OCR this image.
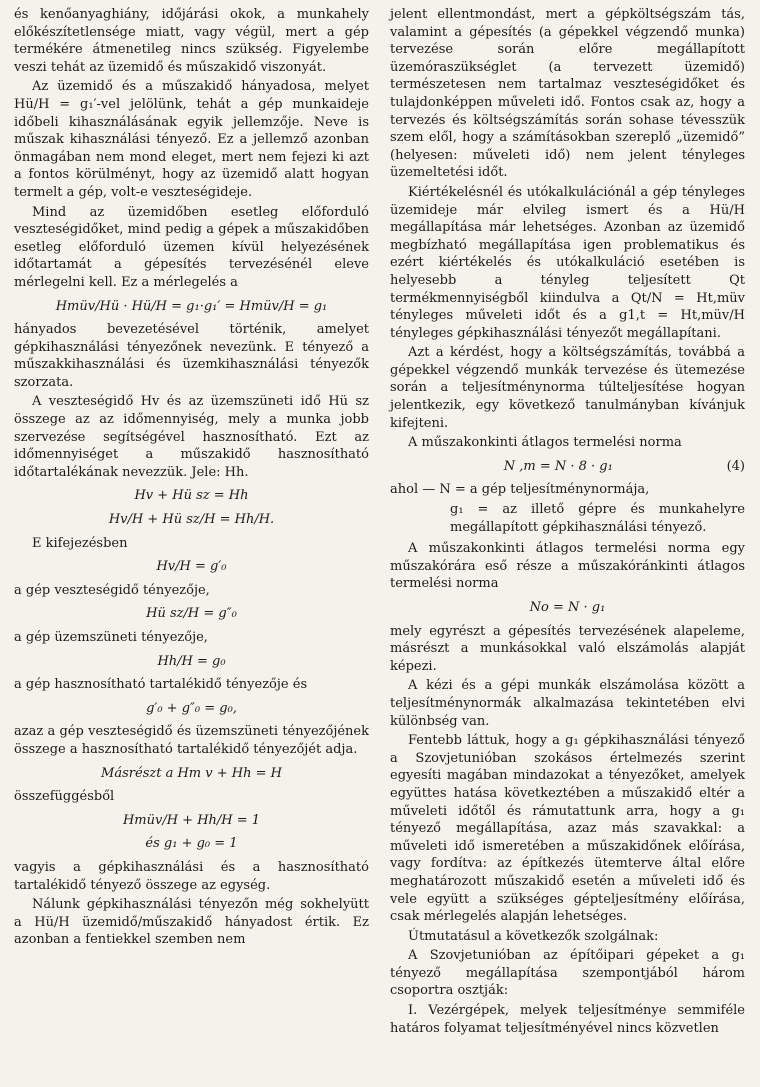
és kenőanyaghiány, időjárási okok, a munkahely előkészítetlensége miatt, vagy végül, mert a gép termékére átmenetileg nincs szükség. Figyelembe veszi tehát az üzemidő és műszakidő viszonyát.

Az üzemidő és a műszakidő hányadosa, melyet Hü/H = g₁′-vel jelölünk, tehát a gép munkaideje időbeli kihasználásának egyik jellemzője. Neve is műszak kihasználási tényező. Ez a jellemző azonban önmagában nem mond eleget, mert nem fejezi ki azt a fontos körülményt, hogy az üzemidő alatt hogyan termelt a gép, volt-e veszteségideje.

Mind az üzemidőben esetleg előforduló veszteségidőket, mind pedig a gépek a műszakidőben esetleg előforduló üzemen kívül helyezésének időtartamát a gépesítés tervezésénél eleve mérlegelni kell. Ez a mérlegelés a

Hmüv/Hü · Hü/H = g₁·g₁′ = Hmüv/H = g₁

hányados bevezetésével történik, amelyet gépkihasználási tényezőnek nevezünk. E tényező a műszakkihasználási és üzemkihasználási tényezők szorzata.

A veszteségidő Hv és az üzemszüneti idő Hü sz összege az az időmennyiség, mely a munka jobb szervezése segítségével hasznosítható. Ezt az időmennyiséget a műszakidő hasznosítható időtartalékának nevezzük. Jele: Hh.

Hv + Hü sz = Hh
Hv/H + Hü sz/H = Hh/H.

E kifejezésben

Hv/H = g′₀

a gép veszteségidő tényezője,

Hü sz/H = g″₀

a gép üzemszüneti tényezője,

Hh/H = g₀

a gép hasznosítható tartalékidő tényezője és

g′₀ + g″₀ = g₀,

azaz a gép veszteségidő és üzemszüneti tényezőjének összege a hasznosítható tartalékidő tényezőjét adja.

Másrészt a Hm v + Hh = H

összefüggésből

Hmüv/H + Hh/H = 1
és g₁ + g₀ = 1

vagyis a gépkihasználási és a hasznosítható tartalékidő tényező összege az egység.

Nálunk gépkihasználási tényezőn még sokhelyütt a Hü/H üzemidő/műszakidő hányadost értik. Ez azonban a fentiekkel szemben nem

jelent ellentmondást, mert a gépköltségszám tás, valamint a gépesítés (a gépekkel végzendő munka) tervezése során előre megállapított üzemóraszükséglet (a tervezett üzemidő) természetesen nem tartalmaz veszteségidőket és tulajdonképpen műveleti idő. Fontos csak az, hogy a tervezés és költségszámítás során sohase tévesszük szem elől, hogy a számításokban szereplő „üzemidő” (helyesen: műveleti idő) nem jelent tényleges üzemeltetési időt.

Kiértékelésnél és utókalkulációnál a gép tényleges üzemideje már elvileg ismert és a Hü/H megállapítása már lehetséges. Azonban az üzemidő megbízható megállapítása igen problematikus és ezért kiértékelés és utókalkuláció esetében is helyesebb a tényleg teljesített Qt termékmennyiségből kiindulva a Qt/N = Ht,müv tényleges műveleti időt és a g1,t = Ht,müv/H tényleges gépkihasználási tényezőt megállapítani.

Azt a kérdést, hogy a költségszámítás, továbbá a gépekkel végzendő munkák tervezése és ütemezése során a teljesítménynorma túlteljesítése hogyan jelentkezik, egy következő tanulmányban kívánjuk kifejteni.

A műszakonkinti átlagos termelési norma

(4)
N ,m = N · 8 · g₁

ahol — N = a gép teljesítménynormája,

g₁ = az illető gépre és munkahelyre megállapított gépkihasználási tényező.

A műszakonkinti átlagos termelési norma egy műszakórára eső része a műszakóránkinti átlagos termelési norma

No = N · g₁

mely egyrészt a gépesítés tervezésének alapeleme, másrészt a munkásokkal való elszámolás alapját képezi.

A kézi és a gépi munkák elszámolása között a teljesítménynormák alkalmazása tekintetében elvi különbség van.

Fentebb láttuk, hogy a g₁ gépkihasználási tényező a Szovjetunióban szokásos értelmezés szerint egyesíti magában mindazokat a tényezőket, amelyek együttes hatása következtében a műszakidő eltér a műveleti időtől és rámutattunk arra, hogy a g₁ tényező megállapítása, azaz más szavakkal: a műveleti idő ismeretében a műszakidőnek előírása, vagy fordítva: az építkezés ütemterve által előre meghatározott műszakidő esetén a műveleti idő és vele együtt a szükséges gépteljesítmény előírása, csak mérlegelés alapján lehetséges.

Útmutatásul a következők szolgálnak:

A Szovjetunióban az építőipari gépeket a g₁ tényező megállapítása szempontjából három csoportra osztják:

I. Vezérgépek, melyek teljesítménye semmiféle határos folyamat teljesítményével nincs közvetlen
